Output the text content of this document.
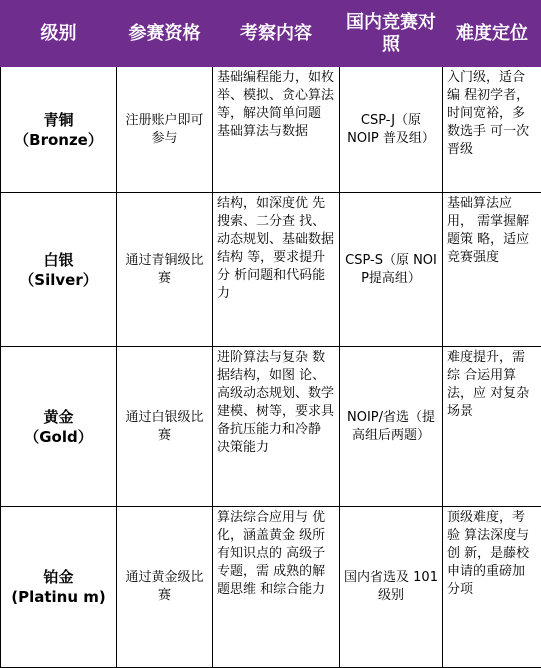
级别	参赛资格	考察内容	国内竞赛对照	难度定位

青铜
（Bronze）	注册账户即可参与	基础编程能力，如枚举、模拟、贪心算法等，解决简单问题 基础算法与数据	CSP-J（原 NOIP 普及组）	入门级，适合编 程初学者，时间宽裕，多数选手 可一次晋级

白银
（Silver）	通过青铜级比赛	结构，如深度优 先搜索、二分查 找、动态规划、基础数据结构 等，要求提升分 析问题和代码能 力	CSP-S（原 NOI P提高组）	基础算法应用， 需掌握解题策 略，适应竞赛强度

黄金
（Gold）	通过白银级比赛	进阶算法与复杂 数据结构，如图 论、高级动态规划、数学建模、树等，要求具备抗压能力和冷静 决策能力	NOIP/省选（提 高组后两题）	难度提升，需综 合运用算法，应 对复杂场景

铂金
(Platinu m)	通过黄金级比赛	算法综合应用与 优化，涵盖黄金 级所有知识点的 高级子专题，需 成熟的解题思维 和综合能力	国内省选及 101 级别	顶级难度，考验 算法深度与创 新，是藤校申请的重磅加分项
